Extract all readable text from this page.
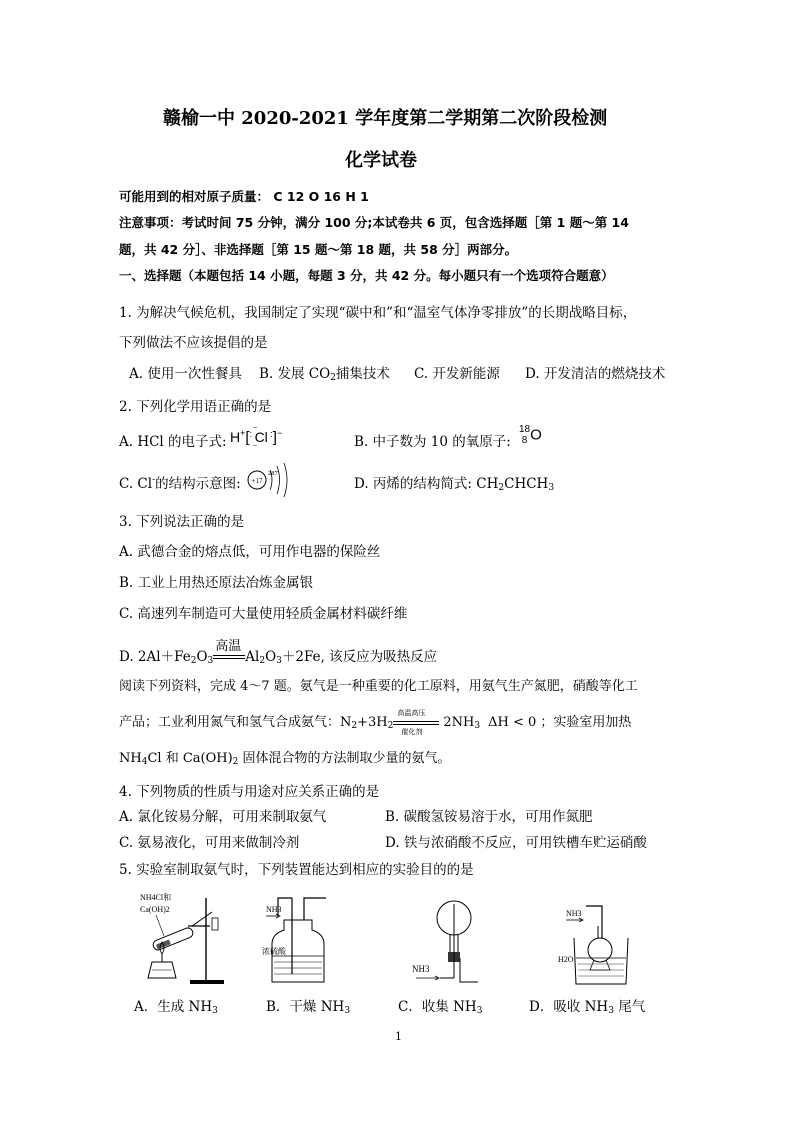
赣榆一中 2020-2021 学年度第二学期第二次阶段检测
化学试卷
可能用到的相对原子质量： C 12 O 16 H 1
注意事项：考试时间 75 分钟，满分 100 分;本试卷共 6 页，包含选择题［第 1 题～第 14
题，共 42 分］、非选择题［第 15 题～第 18 题，共 58 分］两部分。
一、选择题（本题包括 14 小题，每题 3 分，共 42 分。每小题只有一个选项符合题意）
1. 为解决气候危机，我国制定了实现“碳中和”和“温室气体净零排放”的长期战略目标，
下列做法不应该提倡的是
A. 使用一次性餐具 B. 发展 $CO_2$捕集技术 C. 开发新能源 D. 开发清洁的燃烧技术
2. 下列化学用语正确的是
A. HCl 的电子式: H+[ :
··
Cl
··
: ]−
B. 中子数为 10 的氧原子:
18
8 O
C. Cl-的结构示意图: +17
287
D. 丙烯的结构简式: $CH_2CHCH_3$
3. 下列说法正确的是
A. 武德合金的熔点低，可用作电器的保险丝
B. 工业上用热还原法冶炼金属银
C. 高速列车制造可大量使用轻质金属材料碳纤维
D. $2Al+Fe_2O_3$
高温
$Al_2O_3+2Fe$, 该反应为吸热反应
阅读下列资料，完成 4～7 题。氨气是一种重要的化工原料，用氨气生产氮肥，硝酸等化工
产品；工业利用氮气和氢气合成氨气：$N_2+3H_2$
高温高压
催化剂
$2NH_3$ ΔH < 0 ；实验室用加热
$NH_4Cl$ 和 $Ca(OH)_2$ 固体混合物的方法制取少量的氨气。
4. 下列物质的性质与用途对应关系正确的是
A. 氯化铵易分解，可用来制取氨气	B. 碳酸氢铵易溶于水，可用作氮肥
C. 氨易液化，可用来做制冷剂	D. 铁与浓硝酸不反应，可用铁槽车贮运硝酸
5. 实验室制取氨气时，下列装置能达到相应的实验目的的是
NH4Cl和
Ca(OH)2	NH3
浓硫酸
NH3
NH3
H2O
A．生成 $NH_3$	B．干燥 $NH_3$	C．收集 $NH_3$	D．吸收 $NH_3$ 尾气
1
